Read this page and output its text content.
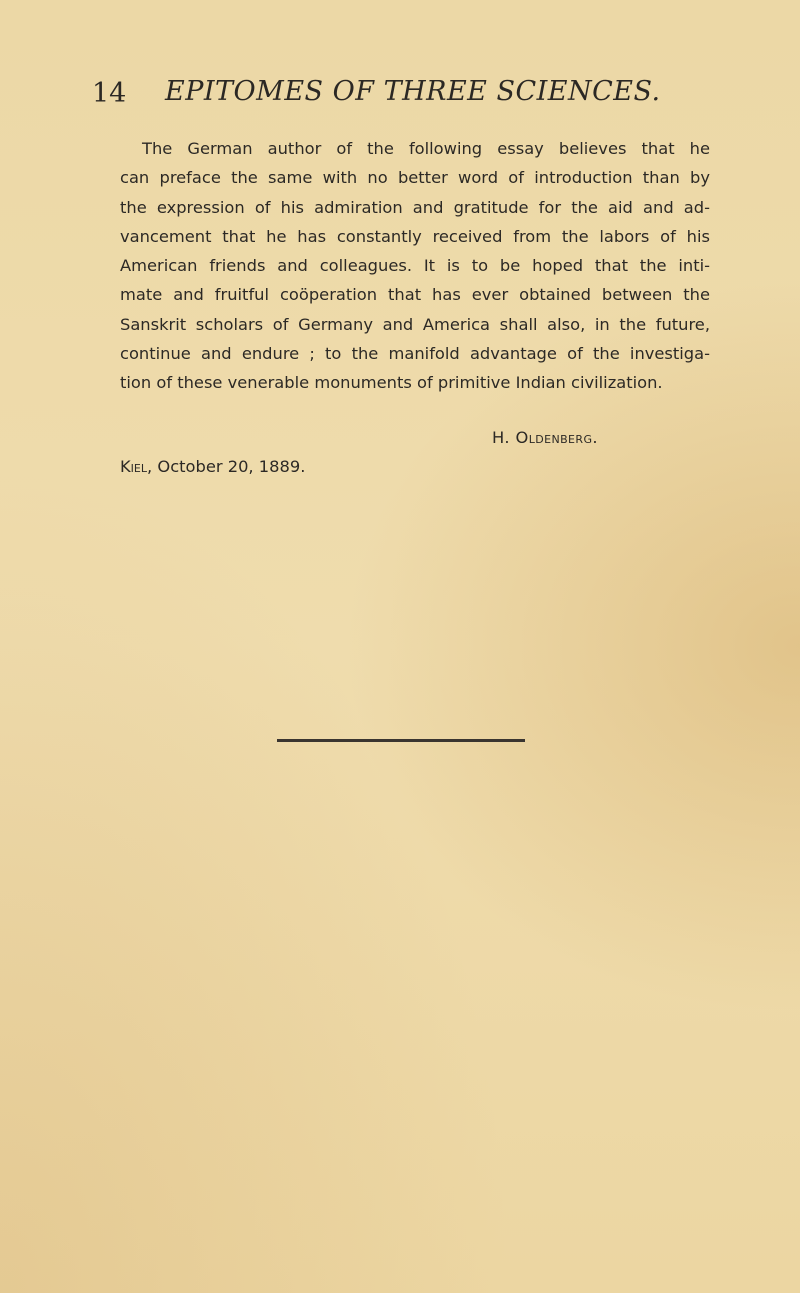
14 EPITOMES OF THREE SCIENCES.
The German author of the following essay believes that he
can preface the same with no better word of introduction than by
the expression of his admiration and gratitude for the aid and ad-
vancement that he has constantly received from the labors of his
American friends and colleagues. It is to be hoped that the inti-
mate and fruitful coöperation that has ever obtained between the
Sanskrit scholars of Germany and America shall also, in the future,
continue and endure ; to the manifold advantage of the investiga-
tion of these venerable monuments of primitive Indian civilization.
H. Oldenberg.
Kiel, October 20, 1889.
